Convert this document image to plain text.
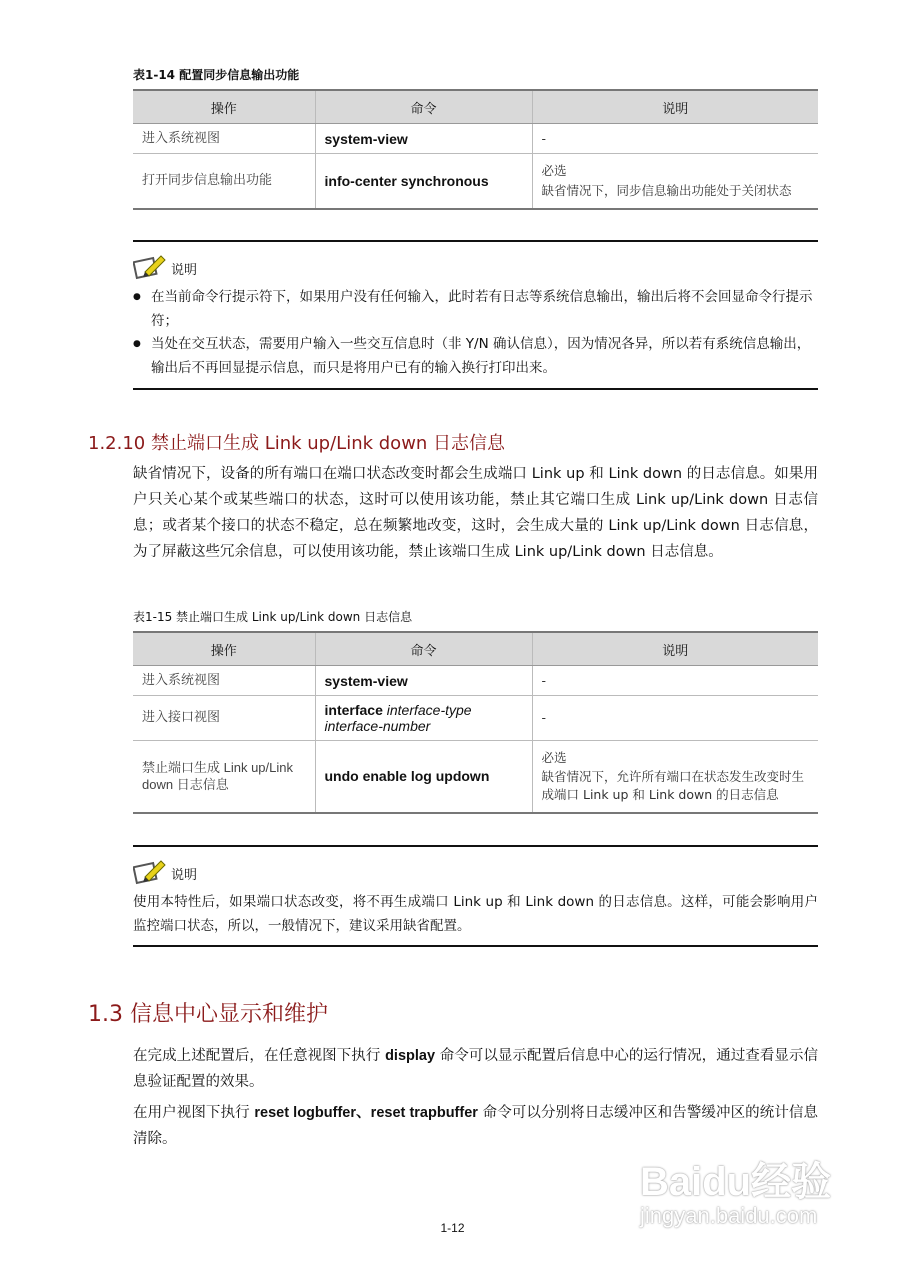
表1-14 配置同步信息输出功能
操作	命令	说明
进入系统视图	system-view	-
打开同步信息输出功能	info-center synchronous	必选
缺省情况下，同步信息输出功能处于关闭状态
说明
● 在当前命令行提示符下，如果用户没有任何输入，此时若有日志等系统信息输出，输出后将不会回显命令行提示符；
● 当处在交互状态，需要用户输入一些交互信息时（非 Y/N 确认信息），因为情况各异，所以若有系统信息输出，输出后不再回显提示信息，而只是将用户已有的输入换行打印出来。
1.2.10 禁止端口生成 Link up/Link down 日志信息

缺省情况下，设备的所有端口在端口状态改变时都会生成端口 Link up 和 Link down 的日志信息。如果用户只关心某个或某些端口的状态，这时可以使用该功能，禁止其它端口生成 Link up/Link down 日志信息；或者某个接口的状态不稳定，总在频繁地改变，这时，会生成大量的 Link up/Link down 日志信息，为了屏蔽这些冗余信息，可以使用该功能，禁止该端口生成 Link up/Link down 日志信息。

表1-15 禁止端口生成 Link up/Link down 日志信息
操作	命令	说明
进入系统视图	system-view	-
进入接口视图	interface interface-type interface-number	-
禁止端口生成 Link up/Link down 日志信息	undo enable log updown	必选
缺省情况下，允许所有端口在状态发生改变时生成端口 Link up 和 Link down 的日志信息
说明
使用本特性后，如果端口状态改变，将不再生成端口 Link up 和 Link down 的日志信息。这样，可能会影响用户监控端口状态，所以，一般情况下，建议采用缺省配置。
1.3 信息中心显示和维护

在完成上述配置后，在任意视图下执行 display 命令可以显示配置后信息中心的运行情况，通过查看显示信息验证配置的效果。

在用户视图下执行 reset logbuffer、reset trapbuffer 命令可以分别将日志缓冲区和告警缓冲区的统计信息清除。

Baidu经验
jingyan.baidu.com
1-12
